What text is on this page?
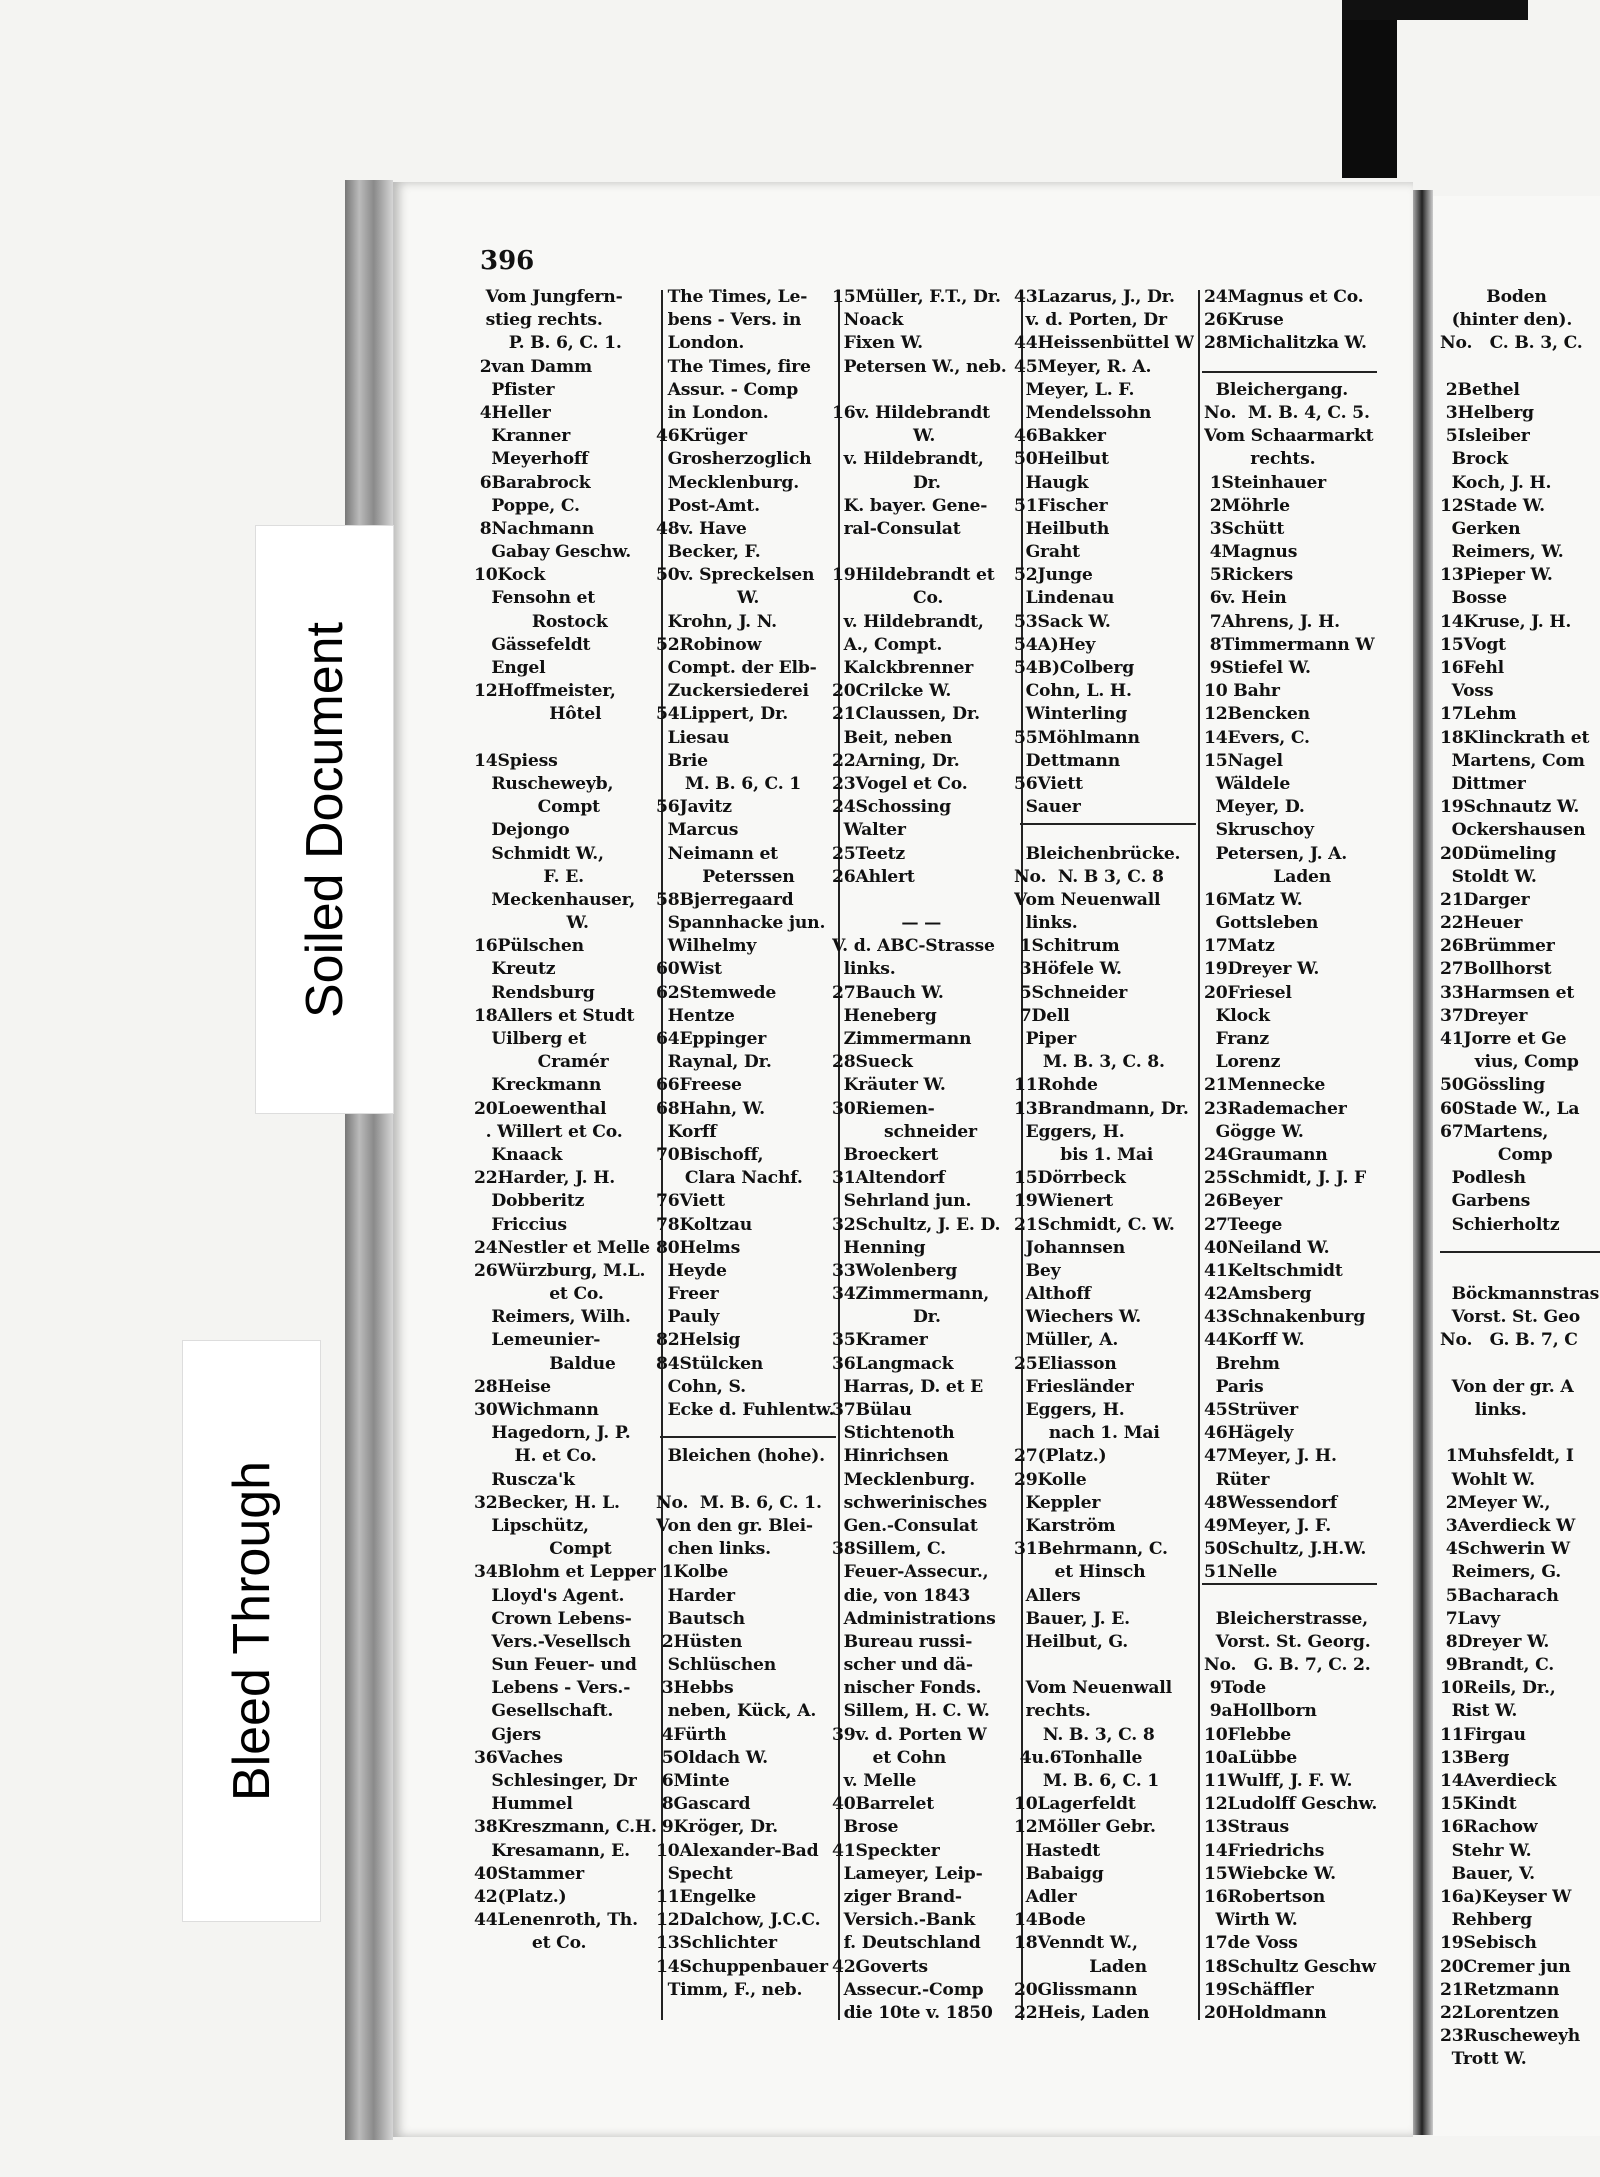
396
Vom Jungfern-
stieg rechts.
P. B. 6, C. 1.
2van Damm
Pfister
4Heller
Kranner
Meyerhoff
6Barabrock
Poppe, C.
8Nachmann
Gabay Geschw.
10Kock
Fensohn et
Rostock
Gässefeldt
Engel
12Hoffmeister,
Hôtel
14Spiess
Ruscheweyb,
Compt
Dejongo
Schmidt W.,
F. E.
Meckenhauser,
W.
16Pülschen
Kreutz
Rendsburg
18Allers et Studt
Uilberg et
Cramér
Kreckmann
20Loewenthal
. Willert et Co.
Knaack
22Harder, J. H.
Dobberitz
Friccius
24Nestler et Melle
26Würzburg, M.L.
et Co.
Reimers, Wilh.
Lemeunier-
Baldue
28Heise
30Wichmann
Hagedorn, J. P.
H. et Co.
Ruscza'k
32Becker, H. L.
Lipschütz,
Compt
34Blohm et Lepper
Lloyd's Agent.
Crown Lebens-
Vers.-Vesellsch
Sun Feuer- und
Lebens - Vers.-
Gesellschaft.
Gjers
36Vaches
Schlesinger, Dr
Hummel
38Kreszmann, C.H.
Kresamann, E.
40Stammer
42(Platz.)
44Lenenroth, Th.
et Co.
The Times, Le-
bens - Vers. in
London.
The Times, fire
Assur. - Comp
in London.
46Krüger
Grosherzoglich
Mecklenburg.
Post-Amt.
48v. Have
Becker, F.
50v. Spreckelsen
W.
Krohn, J. N.
52Robinow
Compt. der Elb-
Zuckersiederei
54Lippert, Dr.
Liesau
Brie
M. B. 6, C. 1
56Javitz
Marcus
Neimann et
Peterssen
58Bjerregaard
Spannhacke jun.
Wilhelmy
60Wist
62Stemwede
Hentze
64Eppinger
Raynal, Dr.
66Freese
68Hahn, W.
Korff
70Bischoff,
Clara Nachf.
76Viett
78Koltzau
80Helms
Heyde
Freer
Pauly
82Helsig
84Stülcken
Cohn, S.
Ecke d. Fuhlentw.
Bleichen (hohe).
No.  M. B. 6, C. 1.
Von den gr. Blei-
chen links.
1Kolbe
Harder
Bautsch
2Hüsten
Schlüschen
3Hebbs
neben, Kück, A.
4Fürth
5Oldach W.
6Minte
8Gascard
9Kröger, Dr.
10Alexander-Bad
Specht
11Engelke
12Dalchow, J.C.C.
13Schlichter
14Schuppenbauer
Timm, F., neb.
15Müller, F.T., Dr.
Noack
Fixen W.
Petersen W., neb.
16v. Hildebrandt
W.
v. Hildebrandt,
Dr.
K. bayer. Gene-
ral-Consulat
19Hildebrandt et
Co.
v. Hildebrandt,
A., Compt.
Kalckbrenner
20Crilcke W.
21Claussen, Dr.
Beit, neben
22Arning, Dr.
23Vogel et Co.
24Schossing
Walter
25Teetz
26Ahlert
— —
V. d. ABC-Strasse
links.
27Bauch W.
Heneberg
Zimmermann
28Sueck
Kräuter W.
30Riemen-
schneider
Broeckert
31Altendorf
Sehrland jun.
32Schultz, J. E. D.
Henning
33Wolenberg
34Zimmermann,
Dr.
35Kramer
36Langmack
Harras, D. et E
37Bülau
Stichtenoth
Hinrichsen
Mecklenburg.
schwerinisches
Gen.-Consulat
38Sillem, C.
Feuer-Assecur.,
die, von 1843
Administrations
Bureau russi-
scher und dä-
nischer Fonds.
Sillem, H. C. W.
39v. d. Porten W
et Cohn
v. Melle
40Barrelet
Brose
41Speckter
Lameyer, Leip-
ziger Brand-
Versich.-Bank
f. Deutschland
42Goverts
Assecur.-Comp
die 10te v. 1850
43Lazarus, J., Dr.
v. d. Porten, Dr
44Heissenbüttel W
45Meyer, R. A.
Meyer, L. F.
Mendelssohn
46Bakker
50Heilbut
Haugk
51Fischer
Heilbuth
Graht
52Junge
Lindenau
53Sack W.
54A)Hey
54B)Colberg
Cohn, L. H.
Winterling
55Möhlmann
Dettmann
56Viett
Sauer
Bleichenbrücke.
No.  N. B 3, C. 8
Vom Neuenwall
links.
1Schitrum
3Höfele W.
5Schneider
7Dell
Piper
M. B. 3, C. 8.
11Rohde
13Brandmann, Dr.
Eggers, H.
bis 1. Mai
15Dörrbeck
19Wienert
21Schmidt, C. W.
Johannsen
Bey
Althoff
Wiechers W.
Müller, A.
25Eliasson
Friesländer
Eggers, H.
nach 1. Mai
27(Platz.)
29Kolle
Keppler
Karström
31Behrmann, C.
et Hinsch
Allers
Bauer, J. E.
Heilbut, G.
Vom Neuenwall
rechts.
N. B. 3, C. 8
4u.6Tonhalle
M. B. 6, C. 1
10Lagerfeldt
12Möller Gebr.
Hastedt
Babaigg
Adler
14Bode
18Venndt W.,
Laden
20Glissmann
22Heis, Laden
24Magnus et Co.
26Kruse
28Michalitzka W.
Bleichergang.
No.  M. B. 4, C. 5.
Vom Schaarmarkt
rechts.
1Steinhauer
2Möhrle
3Schütt
4Magnus
5Rickers
6v. Hein
7Ahrens, J. H.
8Timmermann W
9Stiefel W.
10 Bahr
12Bencken
14Evers, C.
15Nagel
Wäldele
Meyer, D.
Skruschoy
Petersen, J. A.
Laden
16Matz W.
Gottsleben
17Matz
19Dreyer W.
20Friesel
Klock
Franz
Lorenz
21Mennecke
23Rademacher
Gögge W.
24Graumann
25Schmidt, J. J. F
26Beyer
27Teege
40Neiland W.
41Keltschmidt
42Amsberg
43Schnakenburg
44Korff W.
Brehm
Paris
45Strüver
46Hägely
47Meyer, J. H.
Rüter
48Wessendorf
49Meyer, J. F.
50Schultz, J.H.W.
51Nelle
Bleicherstrasse,
Vorst. St. Georg.
No.   G. B. 7, C. 2.
9Tode
9aHollborn
10Flebbe
10aLübbe
11Wulff, J. F. W.
12Ludolff Geschw.
13Straus
14Friedrichs
15Wiebcke W.
16Robertson
Wirth W.
17de Voss
18Schultz Geschw
19Schäffler
20Holdmann
Boden
(hinter den).
No.   C. B. 3, C.
2Bethel
3Helberg
5Isleiber
Brock
Koch, J. H.
12Stade W.
Gerken
Reimers, W.
13Pieper W.
Bosse
14Kruse, J. H.
15Vogt
16Fehl
Voss
17Lehm
18Klinckrath et
Martens, Com
Dittmer
19Schnautz W.
Ockershausen
20Dümeling
Stoldt W.
21Darger
22Heuer
26Brümmer
27Bollhorst
33Harmsen et
37Dreyer
41Jorre et Ge
vius, Comp
50Gössling
60Stade W., La
67Martens,
Comp
Podlesh
Garbens
Schierholtz
Böckmannstras
Vorst. St. Geo
No.   G. B. 7, C
Von der gr. A
links.
1Muhsfeldt, I
Wohlt W.
2Meyer W.,
3Averdieck W
4Schwerin W
Reimers, G.
5Bacharach
7Lavy
8Dreyer W.
9Brandt, C.
10Reils, Dr.,
Rist W.
11Firgau
13Berg
14Averdieck
15Kindt
16Rachow
Stehr W.
Bauer, V.
16a)Keyser W
Rehberg
19Sebisch
20Cremer jun
21Retzmann
22Lorentzen
23Ruscheweyh
Trott W.
Soiled Document
Bleed Through
